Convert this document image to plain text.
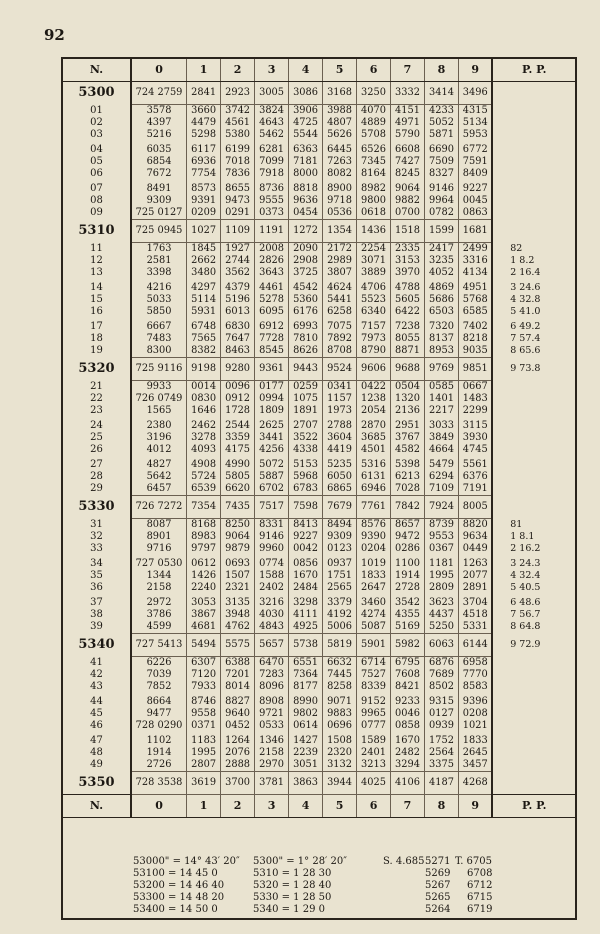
92
N.	0	1	2	3	4	5	6	7	8	9	P. P.
5300	724 2759	2841	2923	3005	3086	3168	3250	3332	3414	3496	

01	3578	3660	3742	3824	3906	3988	4070	4151	4233	4315	

02	4397	4479	4561	4643	4725	4807	4889	4971	5052	5134	

03	5216	5298	5380	5462	5544	5626	5708	5790	5871	5953	

04	6035	6117	6199	6281	6363	6445	6526	6608	6690	6772	

05	6854	6936	7018	7099	7181	7263	7345	7427	7509	7591	

06	7672	7754	7836	7918	8000	8082	8164	8245	8327	8409	

07	8491	8573	8655	8736	8818	8900	8982	9064	9146	9227	

08	9309	9391	9473	9555	9636	9718	9800	9882	9964	0045	

09	725 0127	0209	0291	0373	0454	0536	0618	0700	0782	0863	

5310	725 0945	1027	1109	1191	1272	1354	1436	1518	1599	1681	

11	1763	1845	1927	2008	2090	2172	2254	2335	2417	2499	82

12	2581	2662	2744	2826	2908	2989	3071	3153	3235	3316	1 8.2

13	3398	3480	3562	3643	3725	3807	3889	3970	4052	4134	2 16.4

14	4216	4297	4379	4461	4542	4624	4706	4788	4869	4951	3 24.6

15	5033	5114	5196	5278	5360	5441	5523	5605	5686	5768	4 32.8

16	5850	5931	6013	6095	6176	6258	6340	6422	6503	6585	5 41.0

17	6667	6748	6830	6912	6993	7075	7157	7238	7320	7402	6 49.2

18	7483	7565	7647	7728	7810	7892	7973	8055	8137	8218	7 57.4

19	8300	8382	8463	8545	8626	8708	8790	8871	8953	9035	8 65.6

5320	725 9116	9198	9280	9361	9443	9524	9606	9688	9769	9851	9 73.8

21	9933	0014	0096	0177	0259	0341	0422	0504	0585	0667	

22	726 0749	0830	0912	0994	1075	1157	1238	1320	1401	1483	

23	1565	1646	1728	1809	1891	1973	2054	2136	2217	2299	

24	2380	2462	2544	2625	2707	2788	2870	2951	3033	3115	

25	3196	3278	3359	3441	3522	3604	3685	3767	3849	3930	

26	4012	4093	4175	4256	4338	4419	4501	4582	4664	4745	

27	4827	4908	4990	5072	5153	5235	5316	5398	5479	5561	

28	5642	5724	5805	5887	5968	6050	6131	6213	6294	6376	

29	6457	6539	6620	6702	6783	6865	6946	7028	7109	7191	

5330	726 7272	7354	7435	7517	7598	7679	7761	7842	7924	8005	

31	8087	8168	8250	8331	8413	8494	8576	8657	8739	8820	81

32	8901	8983	9064	9146	9227	9309	9390	9472	9553	9634	1 8.1

33	9716	9797	9879	9960	0042	0123	0204	0286	0367	0449	2 16.2

34	727 0530	0612	0693	0774	0856	0937	1019	1100	1181	1263	3 24.3

35	1344	1426	1507	1588	1670	1751	1833	1914	1995	2077	4 32.4

36	2158	2240	2321	2402	2484	2565	2647	2728	2809	2891	5 40.5

37	2972	3053	3135	3216	3298	3379	3460	3542	3623	3704	6 48.6

38	3786	3867	3948	4030	4111	4192	4274	4355	4437	4518	7 56.7

39	4599	4681	4762	4843	4925	5006	5087	5169	5250	5331	8 64.8

5340	727 5413	5494	5575	5657	5738	5819	5901	5982	6063	6144	9 72.9

41	6226	6307	6388	6470	6551	6632	6714	6795	6876	6958	

42	7039	7120	7201	7283	7364	7445	7527	7608	7689	7770	

43	7852	7933	8014	8096	8177	8258	8339	8421	8502	8583	

44	8664	8746	8827	8908	8990	9071	9152	9233	9315	9396	

45	9477	9558	9640	9721	9802	9883	9965	0046	0127	0208	

46	728 0290	0371	0452	0533	0614	0696	0777	0858	0939	1021	

47	1102	1183	1264	1346	1427	1508	1589	1670	1752	1833	

48	1914	1995	2076	2158	2239	2320	2401	2482	2564	2645	

49	2726	2807	2888	2970	3051	3132	3213	3294	3375	3457	

5350	728 3538	3619	3700	3781	3863	3944	4025	4106	4187	4268	

N.	0	1	2	3	4	5	6	7	8	9	P. P.
53000" = 14° 43′ 20″
53100 = 14 45 0
53200 = 14 46 40
53300 = 14 48 20
53400 = 14 50 0
5300" = 1° 28′ 20″
5310 = 1 28 30
5320 = 1 28 40
5330 = 1 28 50
5340 = 1 29 0
S. 4.685 5271
5269
5267
5265
5264
T. 6705
6708
6712
6715
6719
